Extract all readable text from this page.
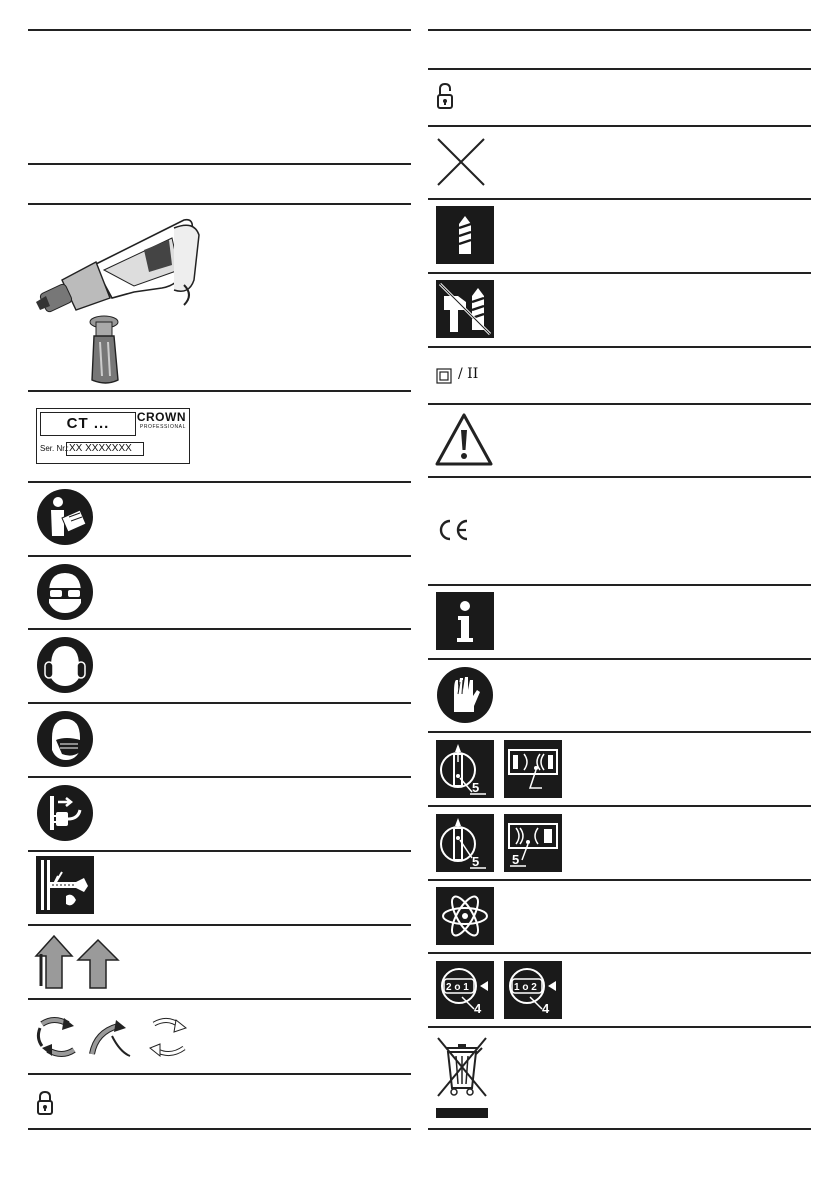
CT ...	CROWN
PROFESSIONAL
Ser. Nr.: XX XXXXXXX
/ II
5
5	5
2 o 1
4
1 o 2
4
